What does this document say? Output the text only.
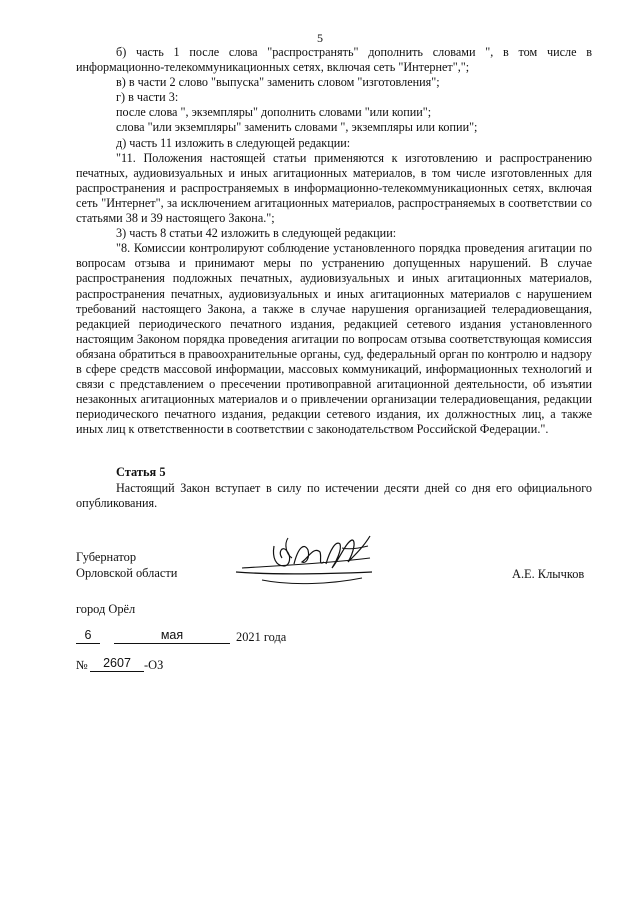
5

б) часть 1 после слова "распространять" дополнить словами ", в том числе в информационно-телекоммуникационных сетях, включая сеть "Интернет",";

в) в части 2 слово "выпуска" заменить словом "изготовления";

г) в части 3:

после слова ", экземпляры" дополнить словами "или копии";

слова "или экземпляры" заменить словами ", экземпляры или копии";

д) часть 11 изложить в следующей редакции:

"11. Положения настоящей статьи применяются к изготовлению и распространению печатных, аудиовизуальных и иных агитационных материалов, в том числе изготовленных для распространения и распространяемых в информационно-телекоммуникационных сетях, включая сеть "Интернет", за исключением агитационных материалов, распространяемых в соответствии со статьями 38 и 39 настоящего Закона.";

3) часть 8 статьи 42 изложить в следующей редакции:

"8. Комиссии контролируют соблюдение установленного порядка проведения агитации по вопросам отзыва и принимают меры по устранению допущенных нарушений. В случае распространения подложных печатных, аудиовизуальных и иных агитационных материалов, распространения печатных, аудиовизуальных и иных агитационных материалов с нарушением требований настоящего Закона, а также в случае нарушения организацией телерадиовещания, редакцией периодического печатного издания, редакцией сетевого издания установленного настоящим Законом порядка проведения агитации по вопросам отзыва соответствующая комиссия обязана обратиться в правоохранительные органы, суд, федеральный орган по контролю и надзору в сфере средств массовой информации, массовых коммуникаций, информационных технологий и связи с представлением о пресечении противоправной агитационной деятельности, об изъятии незаконных агитационных материалов и о привлечении организации телерадиовещания, редакции периодического печатного издания, редакции сетевого издания, их должностных лиц, а также иных лиц к ответственности в соответствии с законодательством Российской Федерации.".

Статья 5

Настоящий Закон вступает в силу по истечении десяти дней со дня его официального опубликования.

Губернатор
Орловской области	А.Е. Клычков
город Орёл
6	мая	2021 года
№	2607	-ОЗ
